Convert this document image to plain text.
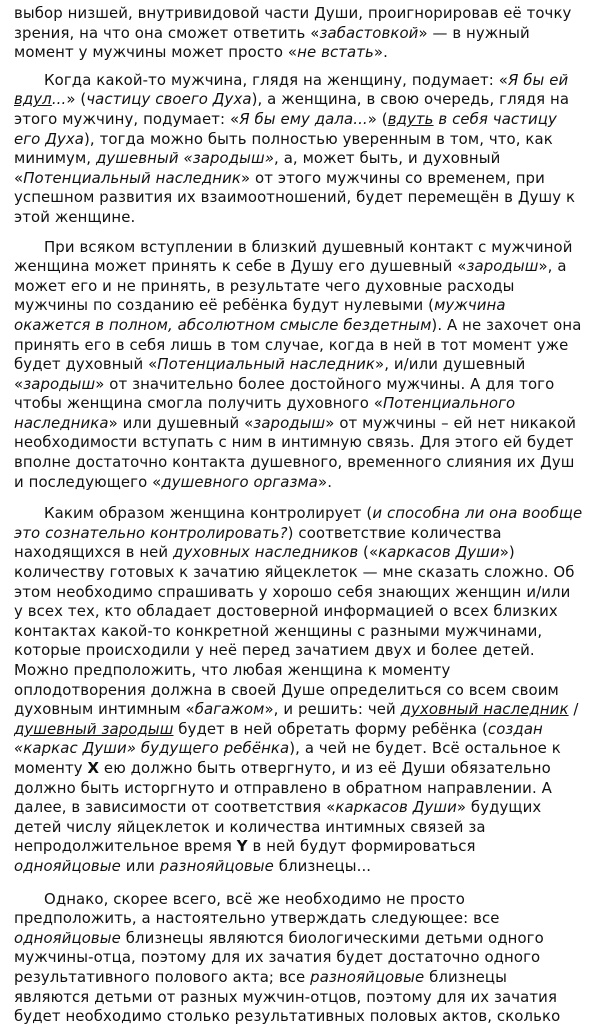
выбор низшей, внутривидовой части Души, проигнорировав её точку зрения, на что она сможет ответить «забастовкой» — в нужный момент у мужчины может просто «не встать».

Когда какой-то мужчина, глядя на женщину, подумает: «Я бы ей вдул...» (частицу своего Духа), а женщина, в свою очередь, глядя на этого мужчину, подумает: «Я бы ему дала...» (вдуть в себя частицу его Духа), тогда можно быть полностью уверенным в том, что, как минимум, душевный «зародыш», а, может быть, и духовный «Потенциальный наследник» от этого мужчины со временем, при успешном развития их взаимоотношений, будет перемещён в Душу к этой женщине.

При всяком вступлении в близкий душевный контакт с мужчиной женщина может принять к себе в Душу его душевный «зародыш», а может его и не принять, в результате чего духовные расходы мужчины по созданию её ребёнка будут нулевыми (мужчина окажется в полном, абсолютном смысле бездетным). А не захочет она принять его в себя лишь в том случае, когда в ней в тот момент уже будет духовный «Потенциальный наследник», и/или душевный «зародыш» от значительно более достойного мужчины. А для того чтобы женщина смогла получить духовного «Потенциального наследника» или душевный «зародыш» от мужчины – ей нет никакой необходимости вступать с ним в интимную связь. Для этого ей будет вполне достаточно контакта душевного, временного слияния их Душ и последующего «душевного оргазма».

Каким образом женщина контролирует (и способна ли она вообще это сознательно контролировать?) соответствие количества находящихся в ней духовных наследников («каркасов Души») количеству готовых к зачатию яйцеклеток — мне сказать сложно. Об этом необходимо спрашивать у хорошо себя знающих женщин и/или у всех тех, кто обладает достоверной информацией о всех близких контактах какой-то конкретной женщины с разными мужчинами, которые происходили у неё перед зачатием двух и более детей. Можно предположить, что любая женщина к моменту оплодотворения должна в своей Душе определиться со всем своим духовным интимным «багажом», и решить: чей духовный наследник / душевный зародыш будет в ней обретать форму ребёнка (создан «каркас Души» будущего ребёнка), а чей не будет. Всё остальное к моменту X ею должно быть отвергнуто, и из её Души обязательно должно быть исторгнуто и отправлено в обратном направлении. А далее, в зависимости от соответствия «каркасов Души» будущих детей числу яйцеклеток и количества интимных связей за непродолжительное время Y в ней будут формироваться однояйцовые или разнояйцовые близнецы...

Однако, скорее всего, всё же необходимо не просто предположить, а настоятельно утверждать следующее: все однояйцовые близнецы являются биологическими детьми одного мужчины-отца, поэтому для их зачатия будет достаточно одного результативного полового акта; все разнояйцовые близнецы являются детьми от разных мужчин-отцов, поэтому для их зачатия будет необходимо столько результативных половых актов, сколько
